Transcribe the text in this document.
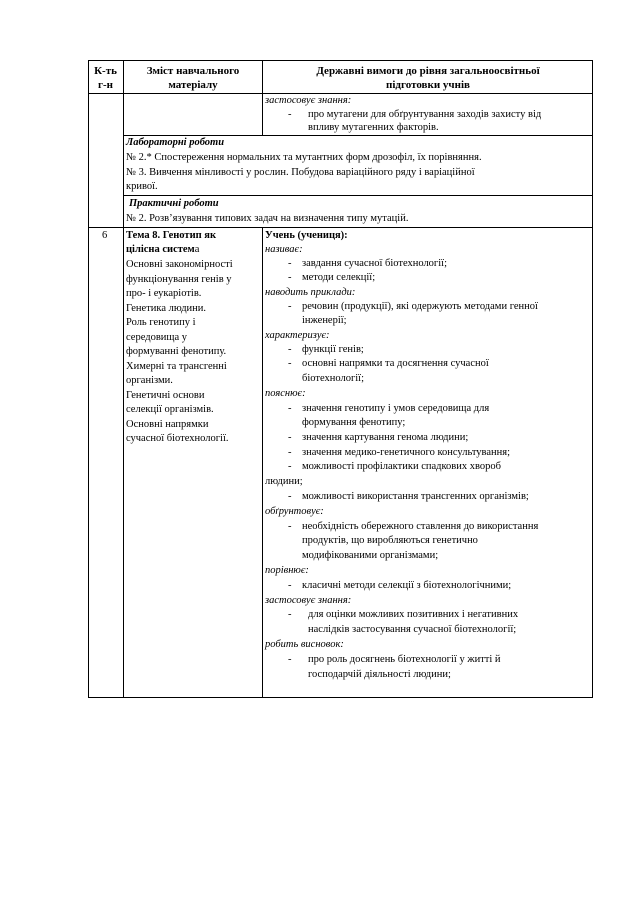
К-ть
г-н
Зміст навчального
матеріалу
Державні вимоги до рівня загальноосвітньої
підготовки учнів
застосовує знання:
- про мутагени для обґрунтування заходів захисту від
впливу мутагенних факторів.
Лабораторні роботи
№ 2.* Спостереження нормальних та мутантних форм дрозофіл, їх порівняння.
№ 3. Вивчення мінливості у рослин. Побудова варіаційного ряду і варіаційної
кривої.
Практичні роботи
№ 2. Розв’язування типових задач на визначення типу мутацій.
6 Тема 8. Генотип як
цілісна система
Основні закономірності
функціонування генів у
про- і еукаріотів.
Генетика людини.
Роль генотипу і
середовища у
формуванні фенотипу.
Химерні та трансгенні
організми.
Генетичні основи
селекції організмів.
Основні напрямки
сучасної біотехнології.
Учень (учениця):
називає:
- завдання сучасної біотехнології;
- методи селекції;
наводить приклади:
- речовин (продукції), які одержують методами генної
інженерії;
характеризує:
- функції генів;
- основні напрямки та досягнення сучасної
біотехнології;
пояснює:
- значення генотипу і умов середовища для
формування фенотипу;
- значення картування генома людини;
- значення медико-генетичного консультування;
- можливості профілактики спадкових хвороб
людини;
- можливості використання трансгенних організмів;
обґрунтовує:
- необхідність обережного ставлення до використання
продуктів, що виробляються генетично
модифікованими організмами;
порівнює:
- класичні методи селекції з біотехнологічними;
застосовує знання:
- для оцінки можливих позитивних і негативних
наслідків застосування сучасної біотехнології;
робить висновок:
- про роль досягнень біотехнології у житті й
господарчій діяльності людини;
